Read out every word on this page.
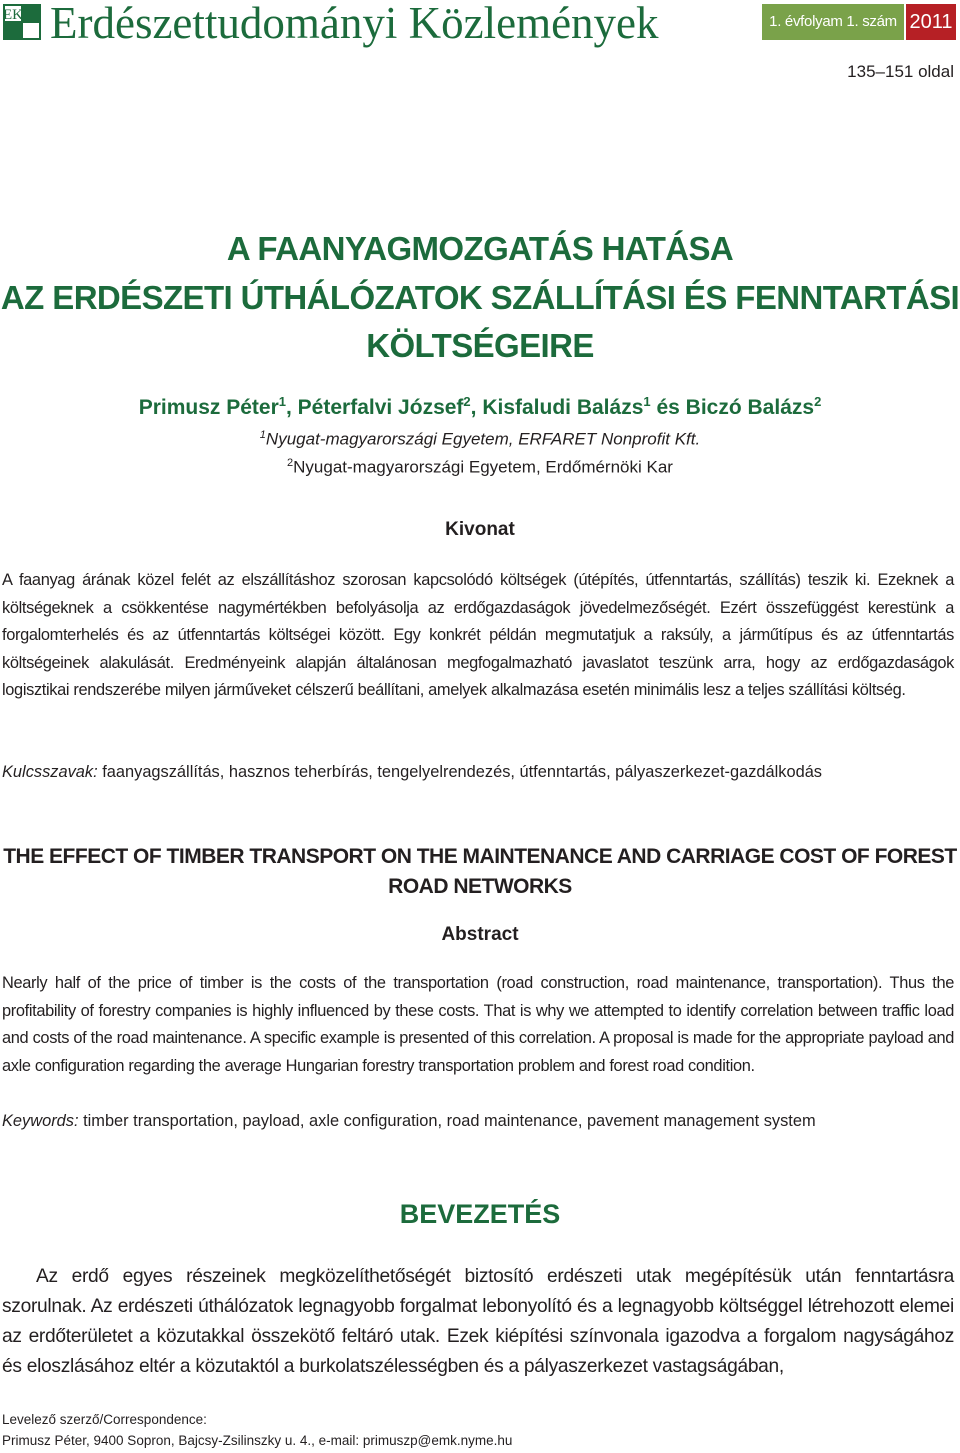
EK Erdészettudományi Közlemények	1. évfolyam 1. szám 2011
135–151 oldal
A FAANYAGMOZGATÁS HATÁSA
AZ ERDÉSZETI ÚTHÁLÓZATOK SZÁLLÍTÁSI ÉS FENNTARTÁSI
KÖLTSÉGEIRE
Primusz Péter$^1$, Péterfalvi József$^2$, Kisfaludi Balázs$^1$ és Biczó Balázs$^2$
$^1$Nyugat-magyarországi Egyetem, ERFARET Nonprofit Kft.
$^2$Nyugat-magyarországi Egyetem, Erdőmérnöki Kar
Kivonat
A faanyag árának közel felét az elszállításhoz szorosan kapcsolódó költségek (útépítés, útfenntartás, szállítás) teszik ki. Ezeknek a költségeknek a csökkentése nagymértékben befolyásolja az erdőgazdaságok jövedelmezőségét. Ezért összefüggést kerestünk a forgalomterhelés és az útfenntartás költségei között. Egy konkrét példán megmutatjuk a raksúly, a járműtípus és az útfenntartás költségeinek alakulását. Eredményeink alapján általánosan megfogalmazható javaslatot teszünk arra, hogy az erdőgazdaságok logisztikai rendszerébe milyen járműveket célszerű beállítani, amelyek alkalmazása esetén minimális lesz a teljes szállítási költség.
Kulcsszavak: faanyagszállítás, hasznos teherbírás, tengelyelrendezés, útfenntartás, pályaszerkezet-gazdálkodás
THE EFFECT OF TIMBER TRANSPORT ON THE MAINTENANCE AND CARRIAGE COST OF FOREST
ROAD NETWORKS
Abstract
Nearly half of the price of timber is the costs of the transportation (road construction, road maintenance, transportation). Thus the profitability of forestry companies is highly influenced by these costs. That is why we attempted to identify correlation between traffic load and costs of the road maintenance. A specific example is presented of this correlation. A proposal is made for the appropriate payload and axle configuration regarding the average Hungarian forestry transportation problem and forest road condition.
Keywords: timber transportation, payload, axle configuration, road maintenance, pavement management system
BEVEZETÉS
Az erdő egyes részeinek megközelíthetőségét biztosító erdészeti utak megépítésük után fenntartásra szorulnak. Az erdészeti úthálózatok legnagyobb forgalmat lebonyolító és a legnagyobb költséggel létrehozott elemei az erdőterületet a közutakkal összekötő feltáró utak. Ezek kiépítési színvonala igazodva a forgalom nagyságához és eloszlásához eltér a közutaktól a burkolatszélességben és a pályaszerkezet vastagságában,
Levelező szerző/Correspondence:
Primusz Péter, 9400 Sopron, Bajcsy-Zsilinszky u. 4., e-mail: primuszp@emk.nyme.hu
